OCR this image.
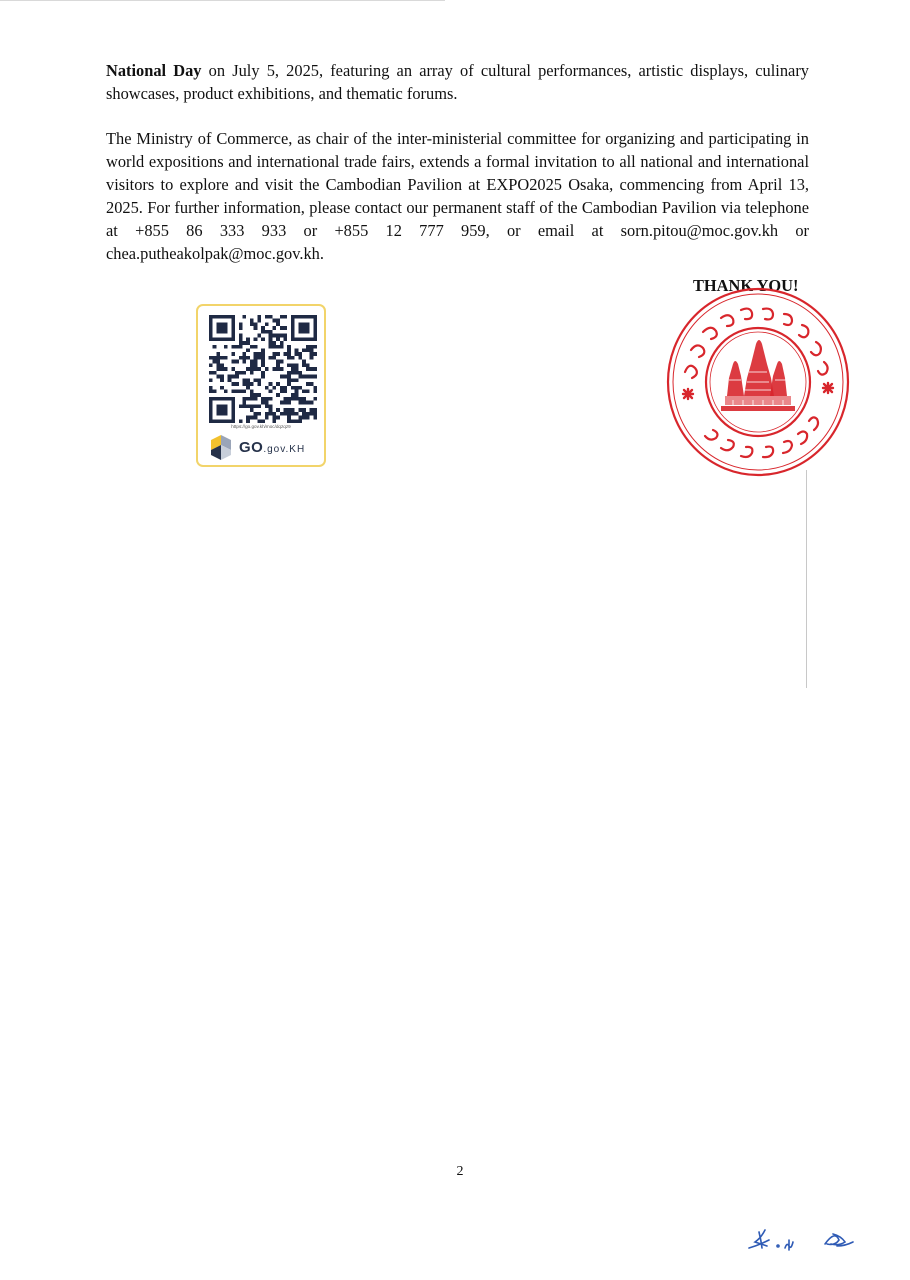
National Day on July 5, 2025, featuring an array of cultural performances, artistic displays, culinary showcases, product exhibitions, and thematic forums.

The Ministry of Commerce, as chair of the inter-ministerial committee for organizing and participating in world expositions and international trade fairs, extends a formal invitation to all national and international visitors to explore and visit the Cambodian Pavilion at EXPO2025 Osaka, commencing from April 13, 2025. For further information, please contact our permanent staff of the Cambodian Pavilion via telephone at +855 86 333 933 or +855 12 777 959, or email at sorn.pitou@moc.gov.kh or chea.putheakolpak@moc.gov.kh.

THANK YOU!
https://go.gov.kh/moc/dqzqz9
GO.gov.KH
2
